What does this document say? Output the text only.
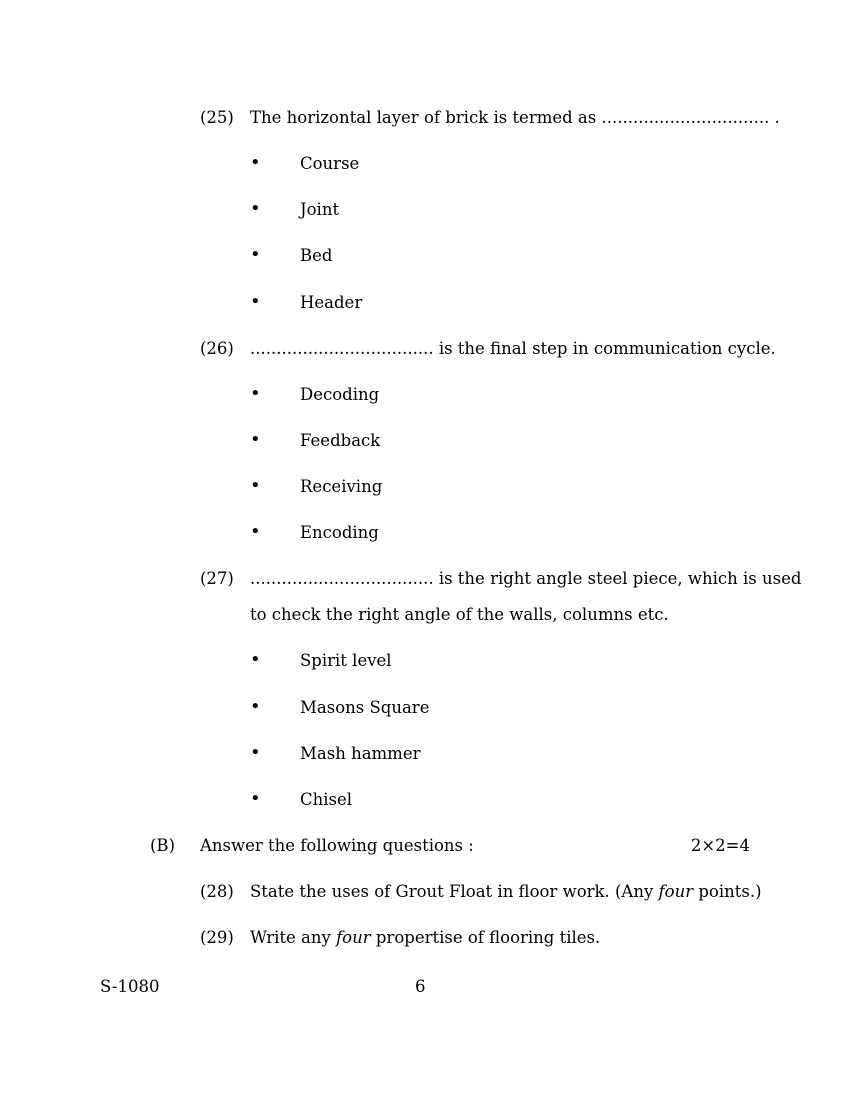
(25) The horizontal layer of brick is termed as ................................ .
• Course
• Joint
• Bed
• Header
(26) ................................... is the final step in communication cycle.
• Decoding
• Feedback
• Receiving
• Encoding
(27) ................................... is the right angle steel piece, which is used
to check the right angle of the walls, columns etc.
• Spirit level
• Masons Square
• Mash hammer
• Chisel
(B) Answer the following questions :	2×2=4
(28) State the uses of Grout Float in floor work. (Any four points.)
(29) Write any four propertise of flooring tiles.
S-1080	6
